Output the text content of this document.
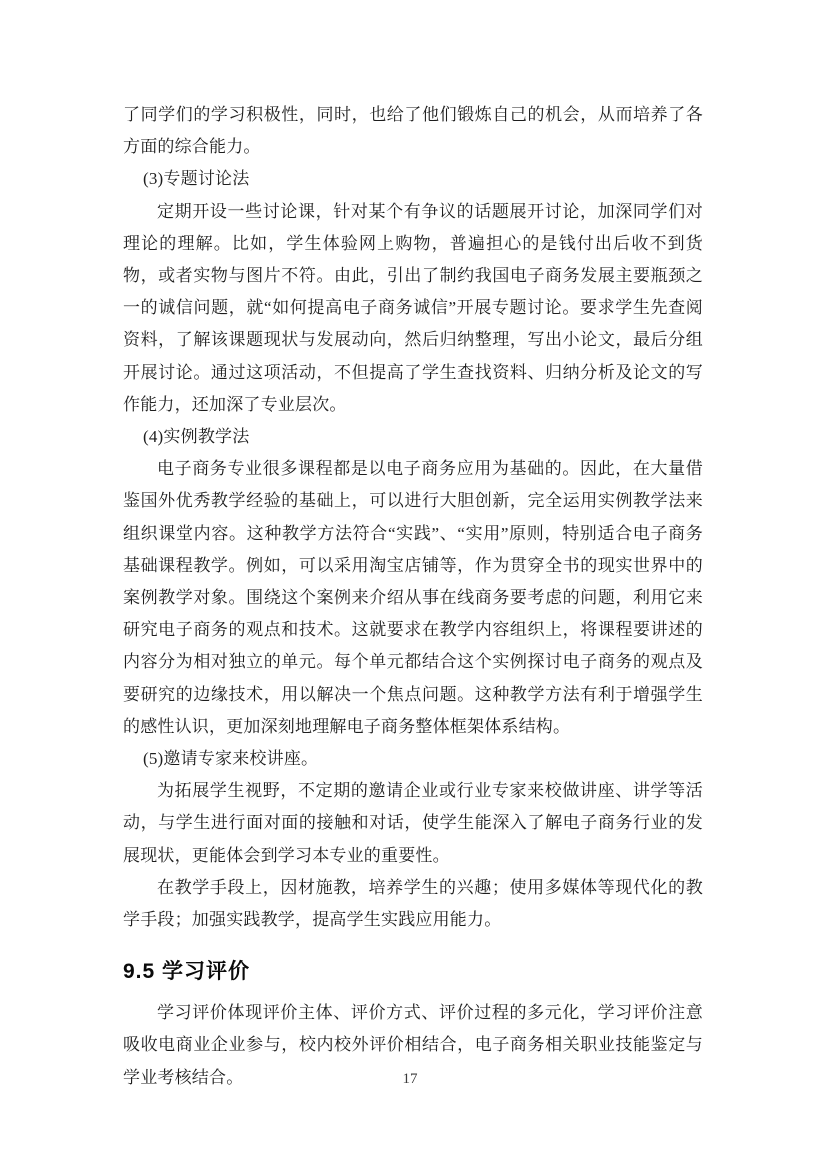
了同学们的学习积极性，同时，也给了他们锻炼自己的机会，从而培养了各方面的综合能力。

(3)专题讨论法

定期开设一些讨论课，针对某个有争议的话题展开讨论，加深同学们对理论的理解。比如，学生体验网上购物，普遍担心的是钱付出后收不到货物，或者实物与图片不符。由此，引出了制约我国电子商务发展主要瓶颈之一的诚信问题，就“如何提高电子商务诚信”开展专题讨论。要求学生先查阅资料，了解该课题现状与发展动向，然后归纳整理，写出小论文，最后分组开展讨论。通过这项活动，不但提高了学生查找资料、归纳分析及论文的写作能力，还加深了专业层次。

(4)实例教学法

电子商务专业很多课程都是以电子商务应用为基础的。因此，在大量借鉴国外优秀教学经验的基础上，可以进行大胆创新，完全运用实例教学法来组织课堂内容。这种教学方法符合“实践”、“实用”原则，特别适合电子商务基础课程教学。例如，可以采用淘宝店铺等，作为贯穿全书的现实世界中的案例教学对象。围绕这个案例来介绍从事在线商务要考虑的问题，利用它来研究电子商务的观点和技术。这就要求在教学内容组织上，将课程要讲述的内容分为相对独立的单元。每个单元都结合这个实例探讨电子商务的观点及要研究的边缘技术，用以解决一个焦点问题。这种教学方法有利于增强学生的感性认识，更加深刻地理解电子商务整体框架体系结构。

(5)邀请专家来校讲座。

为拓展学生视野，不定期的邀请企业或行业专家来校做讲座、讲学等活动，与学生进行面对面的接触和对话，使学生能深入了解电子商务行业的发展现状，更能体会到学习本专业的重要性。

在教学手段上，因材施教，培养学生的兴趣；使用多媒体等现代化的教学手段；加强实践教学，提高学生实践应用能力。

9.5 学习评价

学习评价体现评价主体、评价方式、评价过程的多元化，学习评价注意吸收电商业企业参与，校内校外评价相结合，电子商务相关职业技能鉴定与学业考核结合。	17
